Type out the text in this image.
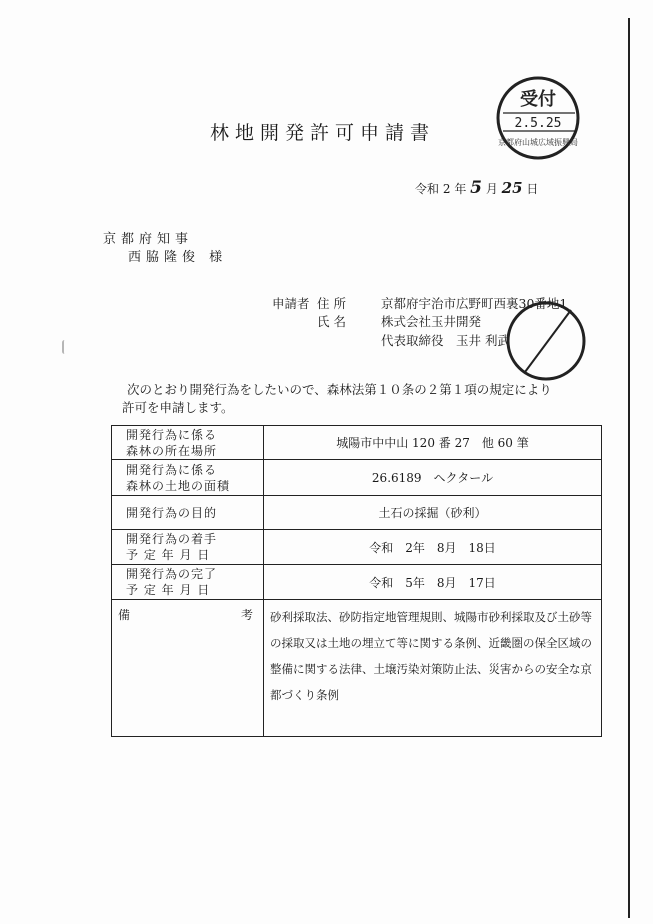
林地開発許可申請書
受付
2.5.25
京都府山城広域振興局
令和 2 年 5 月 25 日
京都府知事
西脇隆俊 様
申請者 住 所	京都府宇治市広野町西裏30番地1
氏 名	株式会社玉井開発
代表取締役　玉井 利武
次のとおり開発行為をしたいので、森林法第１０条の２第１項の規定により
許可を申請します。
開発行為に係る
森林の所在場所	城陽市中中山 120 番 27　他 60 筆
開発行為に係る
森林の土地の面積	26.6189　ヘクタール
開発行為の目的	土石の採掘（砂利）
開発行為の着手
予 定 年 月 日	令和　2年　8月　18日
開発行為の完了
予 定 年 月 日	令和　5年　8月　17日

備 考	砂利採取法、砂防指定地管理規則、城陽市砂利採取及び土砂等の採取又は土地の埋立て等に関する条例、近畿圏の保全区域の整備に関する法律、土壌汚染対策防止法、災害からの安全な京都づくり条例
